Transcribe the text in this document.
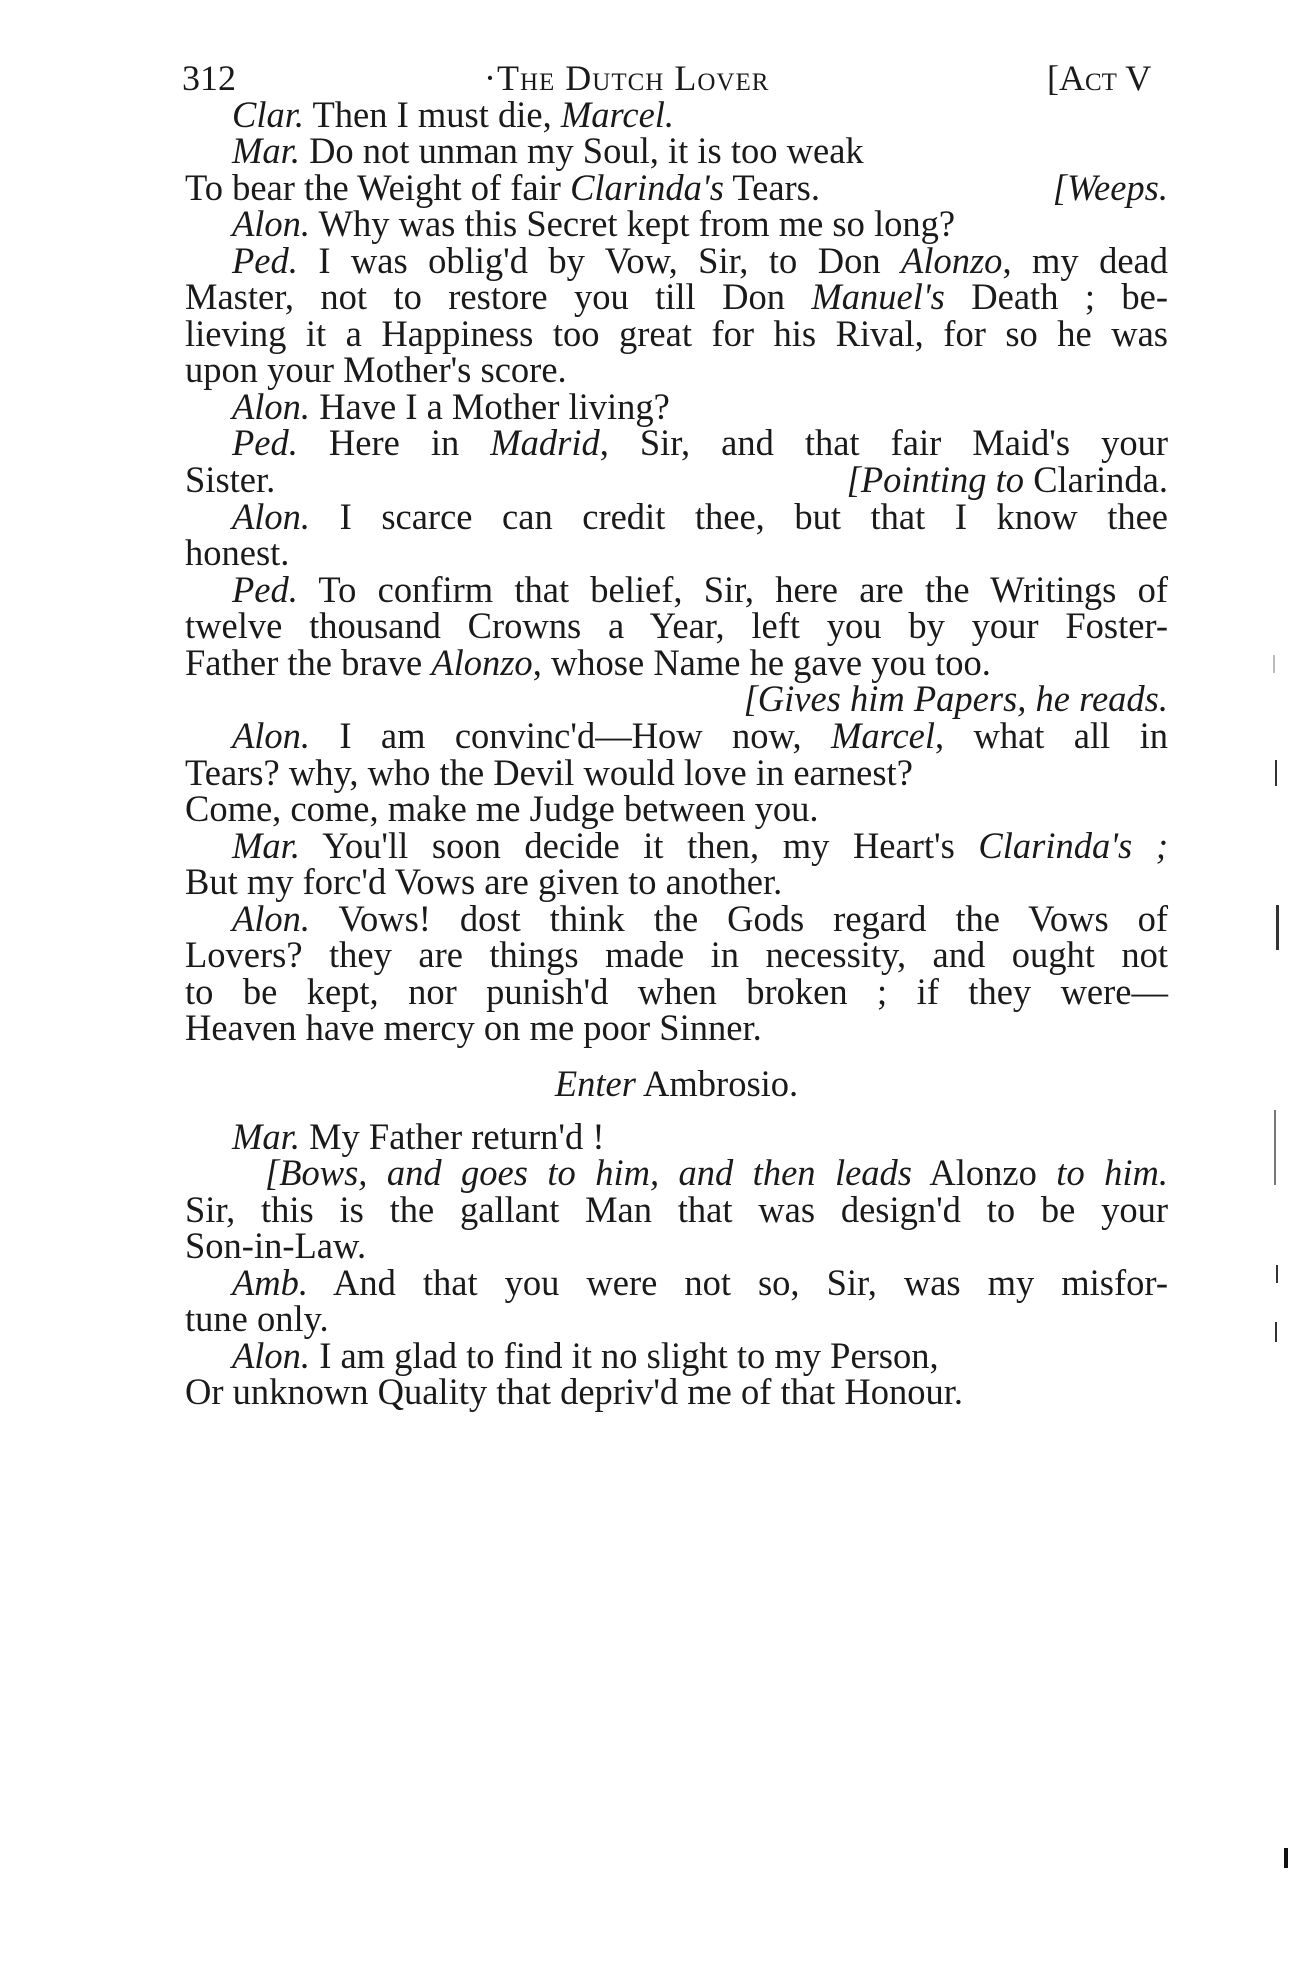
312	·The Dutch Lover	[Act V
Clar. Then I must die, Marcel.
Mar. Do not unman my Soul, it is too weak
To bear the Weight of fair Clarinda's Tears.	[Weeps.
Alon. Why was this Secret kept from me so long?
Ped. I was oblig'd by Vow, Sir, to Don Alonzo, my dead
Master, not to restore you till Don Manuel's Death ; be-
lieving it a Happiness too great for his Rival, for so he was
upon your Mother's score.
Alon. Have I a Mother living?
Ped. Here in Madrid, Sir, and that fair Maid's your
Sister.	[Pointing to Clarinda.
Alon. I scarce can credit thee, but that I know thee
honest.
Ped. To confirm that belief, Sir, here are the Writings of
twelve thousand Crowns a Year, left you by your Foster-
Father the brave Alonzo, whose Name he gave you too.
[Gives him Papers, he reads.
Alon. I am convinc'd—How now, Marcel, what all in
Tears? why, who the Devil would love in earnest?
Come, come, make me Judge between you.
Mar. You'll soon decide it then, my Heart's Clarinda's ;
But my forc'd Vows are given to another.
Alon. Vows! dost think the Gods regard the Vows of
Lovers? they are things made in necessity, and ought not
to be kept, nor punish'd when broken ; if they were—
Heaven have mercy on me poor Sinner.
Enter Ambrosio.
Mar. My Father return'd !
[Bows, and goes to him, and then leads Alonzo to him.
Sir, this is the gallant Man that was design'd to be your
Son-in-Law.
Amb. And that you were not so, Sir, was my misfor-
tune only.
Alon. I am glad to find it no slight to my Person,
Or unknown Quality that depriv'd me of that Honour.
